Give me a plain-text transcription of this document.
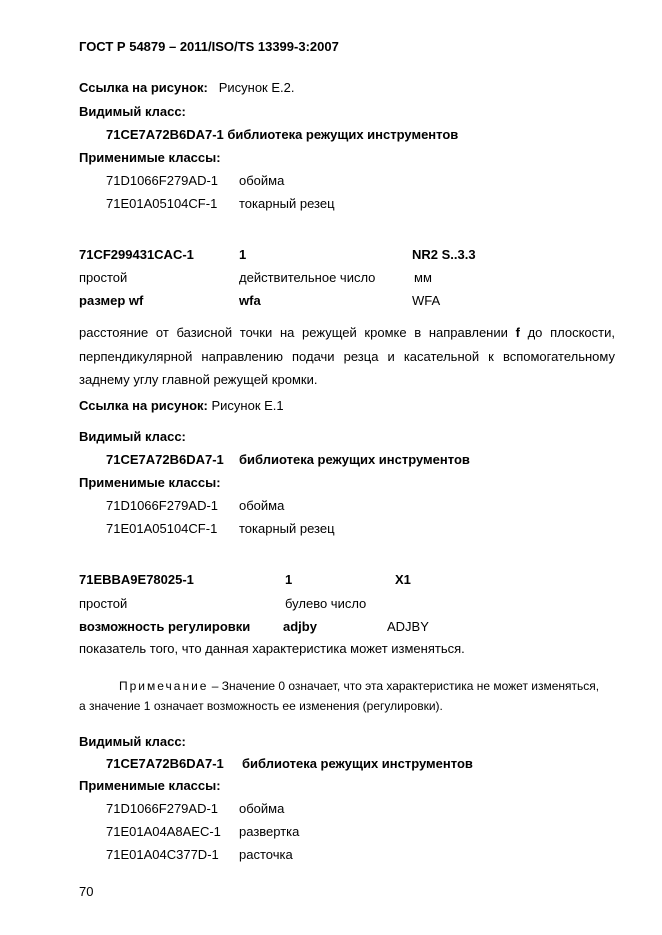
ГОСТ Р 54879 – 2011/ISO/TS 13399-3:2007
Ссылка на рисунок: Рисунок Е.2.
Видимый класс:
71CE7A72B6DA7-1 библиотека режущих инструментов
Применимые классы:
71D1066F279AD-1 обойма
71E01A05104CF-1 токарный резец
71CF299431CAC-1	1	NR2 S..3.3
простой	действительное число	мм
размер wf	wfa	WFA
расстояние от базисной точки на режущей кромке в направлении f до плоскости, перпендикулярной направлению подачи резца и касательной к вспомогательному заднему углу главной режущей кромки.
Ссылка на рисунок: Рисунок Е.1
Видимый класс:
71CE7A72B6DA7-1 библиотека режущих инструментов
Применимые классы:
71D1066F279AD-1 обойма
71E01A05104CF-1 токарный резец
71EBBA9E78025-1	1	X1
простой	булево число
возможность регулировки	adjby	ADJBY
показатель того, что данная характеристика может изменяться.
Примечание – Значение 0 означает, что эта характеристика не может изменяться,
а значение 1 означает возможность ее изменения (регулировки).
Видимый класс:
71CE7A72B6DA7-1 библиотека режущих инструментов
Применимые классы:
71D1066F279AD-1 обойма
71E01A04A8AEC-1 развертка
71E01A04C377D-1 расточка
70
